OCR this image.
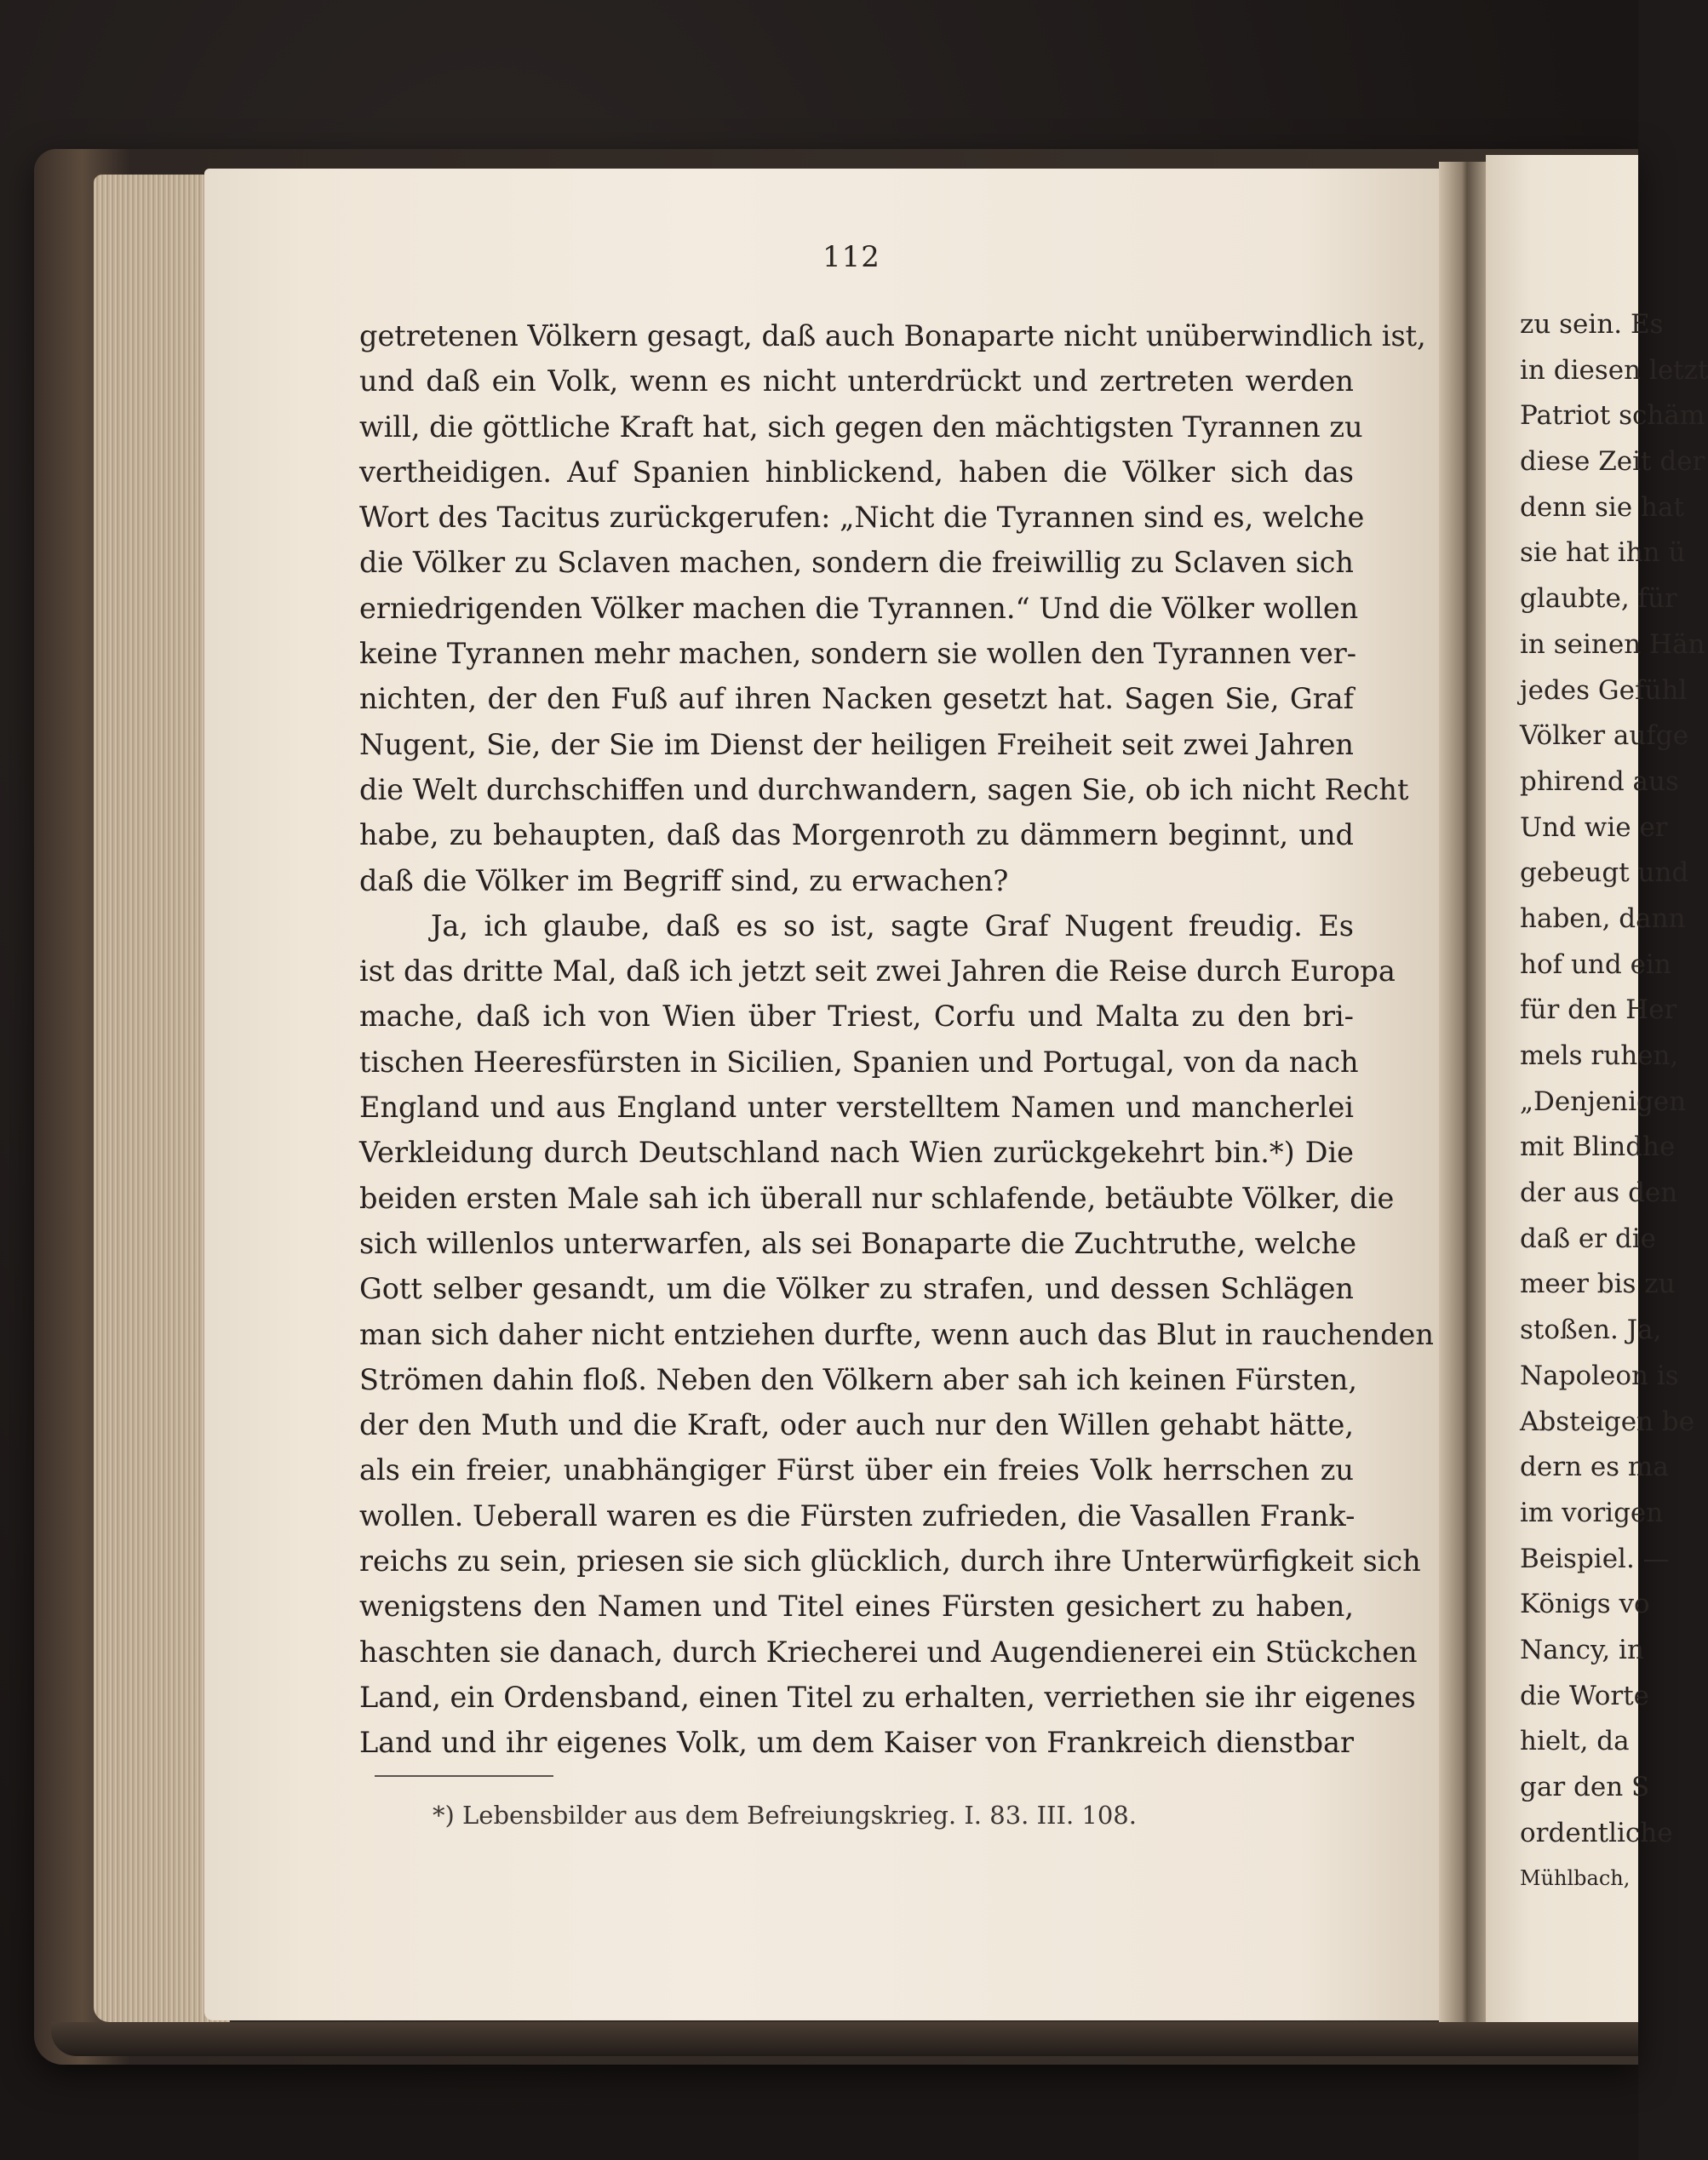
112
getretenen Völkern gesagt, daß auch Bonaparte nicht unüberwindlich ist,
und daß ein Volk, wenn es nicht unterdrückt und zertreten werden
will, die göttliche Kraft hat, sich gegen den mächtigsten Tyrannen zu
vertheidigen. Auf Spanien hinblickend, haben die Völker sich das
Wort des Tacitus zurückgerufen: „Nicht die Tyrannen sind es, welche
die Völker zu Sclaven machen, sondern die freiwillig zu Sclaven sich
erniedrigenden Völker machen die Tyrannen.“ Und die Völker wollen
keine Tyrannen mehr machen, sondern sie wollen den Tyrannen ver-
nichten, der den Fuß auf ihren Nacken gesetzt hat. Sagen Sie, Graf
Nugent, Sie, der Sie im Dienst der heiligen Freiheit seit zwei Jahren
die Welt durchschiffen und durchwandern, sagen Sie, ob ich nicht Recht
habe, zu behaupten, daß das Morgenroth zu dämmern beginnt, und
daß die Völker im Begriff sind, zu erwachen?
Ja, ich glaube, daß es so ist, sagte Graf Nugent freudig. Es
ist das dritte Mal, daß ich jetzt seit zwei Jahren die Reise durch Europa
mache, daß ich von Wien über Triest, Corfu und Malta zu den bri-
tischen Heeresfürsten in Sicilien, Spanien und Portugal, von da nach
England und aus England unter verstelltem Namen und mancherlei
Verkleidung durch Deutschland nach Wien zurückgekehrt bin.*) Die
beiden ersten Male sah ich überall nur schlafende, betäubte Völker, die
sich willenlos unterwarfen, als sei Bonaparte die Zuchtruthe, welche
Gott selber gesandt, um die Völker zu strafen, und dessen Schlägen
man sich daher nicht entziehen durfte, wenn auch das Blut in rauchenden
Strömen dahin floß. Neben den Völkern aber sah ich keinen Fürsten,
der den Muth und die Kraft, oder auch nur den Willen gehabt hätte,
als ein freier, unabhängiger Fürst über ein freies Volk herrschen zu
wollen. Ueberall waren es die Fürsten zufrieden, die Vasallen Frank-
reichs zu sein, priesen sie sich glücklich, durch ihre Unterwürfigkeit sich
wenigstens den Namen und Titel eines Fürsten gesichert zu haben,
haschten sie danach, durch Kriecherei und Augendienerei ein Stückchen
Land, ein Ordensband, einen Titel zu erhalten, verriethen sie ihr eigenes
Land und ihr eigenes Volk, um dem Kaiser von Frankreich dienstbar
*) Lebensbilder aus dem Befreiungskrieg. I. 83. III. 108.
zu sein. Es
in diesen letzt
Patriot schäm
diese Zeit der
denn sie hat
sie hat ihn ü
glaubte, für
in seinen Hän
jedes Gefühl
Völker aufge
phirend aus
Und wie er
gebeugt und
haben, dann
hof und ein
für den Her
mels ruhen,
„Denjenigen
mit Blindhe
der aus den
daß er die
meer bis zu
stoßen. Ja,
Napoleon is
Absteigen be
dern es ma
im vorigen
Beispiel. —
Königs vo
Nancy, in
die Worte
hielt, da
gar den S
ordentliche
Mühlbach,
